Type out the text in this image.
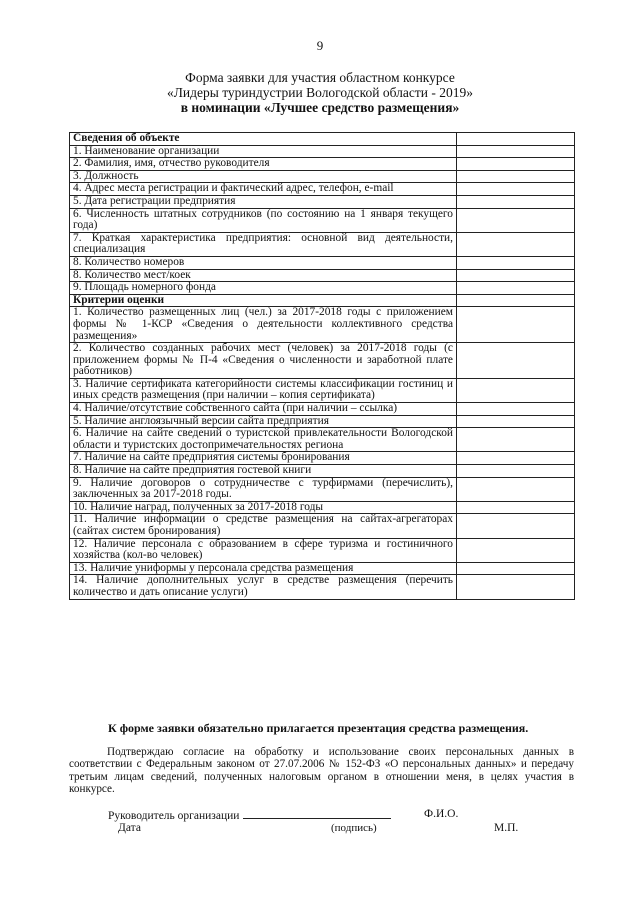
9
Форма заявки для участия областном конкурсе
«Лидеры туриндустрии Вологодской области - 2019»
в номинации «Лучшее средство размещения»
Сведения об объекте	
1. Наименование организации	
2. Фамилия, имя, отчество руководителя	
3. Должность	
4. Адрес места регистрации и фактический адрес, телефон, e-mail	
5. Дата регистрации предприятия	
6. Численность штатных сотрудников (по состоянию на 1 января текущего года)	
7. Краткая характеристика предприятия: основной вид деятельности, специализация	
8. Количество номеров	
8. Количество мест/коек	
9. Площадь номерного фонда	
Критерии оценки	
1. Количество размещенных лиц (чел.) за 2017-2018 годы с приложением формы № 1-КСР «Сведения о деятельности коллективного средства размещения»	
2. Количество созданных рабочих мест (человек) за 2017-2018 годы (с приложением формы № П-4 «Сведения о численности и заработной плате работников)	
3. Наличие сертификата категорийности системы классификации гостиниц и иных средств размещения (при наличии – копия сертификата)	
4. Наличие/отсутствие собственного сайта (при наличии – ссылка)	
5. Наличие англоязычный версии сайта предприятия	
6. Наличие на сайте сведений о туристской привлекательности Вологодской области и туристских достопримечательностях региона	
7. Наличие на сайте предприятия системы бронирования	
8. Наличие на сайте предприятия гостевой книги	
9. Наличие договоров о сотрудничестве с турфирмами (перечислить), заключенных за 2017-2018 годы.	
10. Наличие наград, полученных за 2017-2018 годы	
11. Наличие информации о средстве размещения на сайтах-агрегаторах (сайтах систем бронирования)	
12. Наличие персонала с образованием в сфере туризма и гостиничного хозяйства (кол-во человек)	
13. Наличие униформы у персонала средства размещения	
14. Наличие дополнительных услуг в средстве размещения (перечить количество и дать описание услуги)	
К форме заявки обязательно прилагается презентация средства размещения.
Подтверждаю согласие на обработку и использование своих персональных данных в соответствии с Федеральным законом от 27.07.2006 № 152-ФЗ «О персональных данных» и передачу третьим лицам сведений, полученных налоговым органом в отношении меня, в целях участия в конкурсе.
Руководитель организации	Ф.И.О.
Дата	(подпись)	М.П.
